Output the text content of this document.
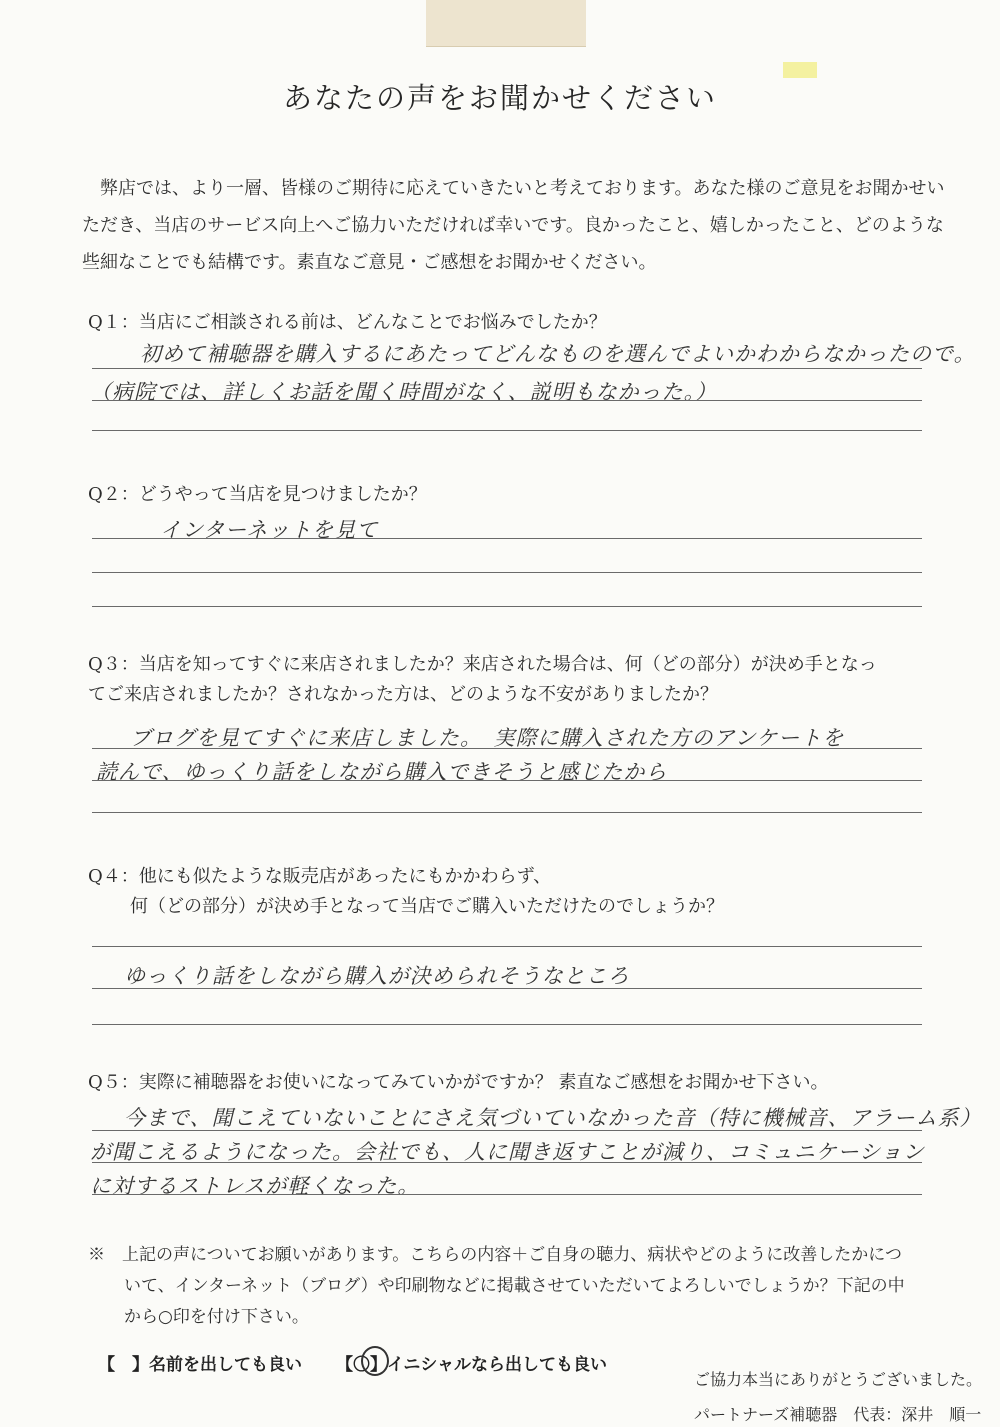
あなたの声をお聞かせください
弊店では、より一層、皆様のご期待に応えていきたいと考えております。あなた様のご意見をお聞かせい
ただき、当店のサービス向上へご協力いただければ幸いです。良かったこと、嬉しかったこと、どのような
些細なことでも結構です。素直なご意見・ご感想をお聞かせください。
Q１：当店にご相談される前は、どんなことでお悩みでしたか？
初めて補聴器を購入するにあたってどんなものを選んでよいかわからなかったので。
（病院では、詳しくお話を聞く時間がなく、説明もなかった。）
Q２：どうやって当店を見つけましたか？
インターネットを見て
Q３：当店を知ってすぐに来店されましたか？来店された場合は、何（どの部分）が決め手となっ
てご来店されましたか？されなかった方は、どのような不安がありましたか？
ブログを見てすぐに来店しました。　実際に購入された方のアンケートを
読んで、ゆっくり話をしながら購入できそうと感じたから
Q４：他にも似たような販売店があったにもかかわらず、
何（どの部分）が決め手となって当店でご購入いただけたのでしょうか？
ゆっくり話をしながら購入が決められそうなところ
Q５：実際に補聴器をお使いになってみていかがですか？ 素直なご感想をお聞かせ下さい。
今まで、聞こえていないことにさえ気づいていなかった音（特に機械音、アラーム系）
が聞こえるようになった。会社でも、人に聞き返すことが減り、コミュニケーション
に対するストレスが軽くなった。
※　上記の声についてお願いがあります。こちらの内容＋ご自身の聴力、病状やどのように改善したかにつ
いて、インターネット（ブログ）や印刷物などに掲載させていただいてよろしいでしょうか？下記の中
から○印を付け下さい。
【　】名前を出しても良い 【〇】イニシャルなら出しても良い
ご協力本当にありがとうございました。
パートナーズ補聴器　代表：深井　順一
